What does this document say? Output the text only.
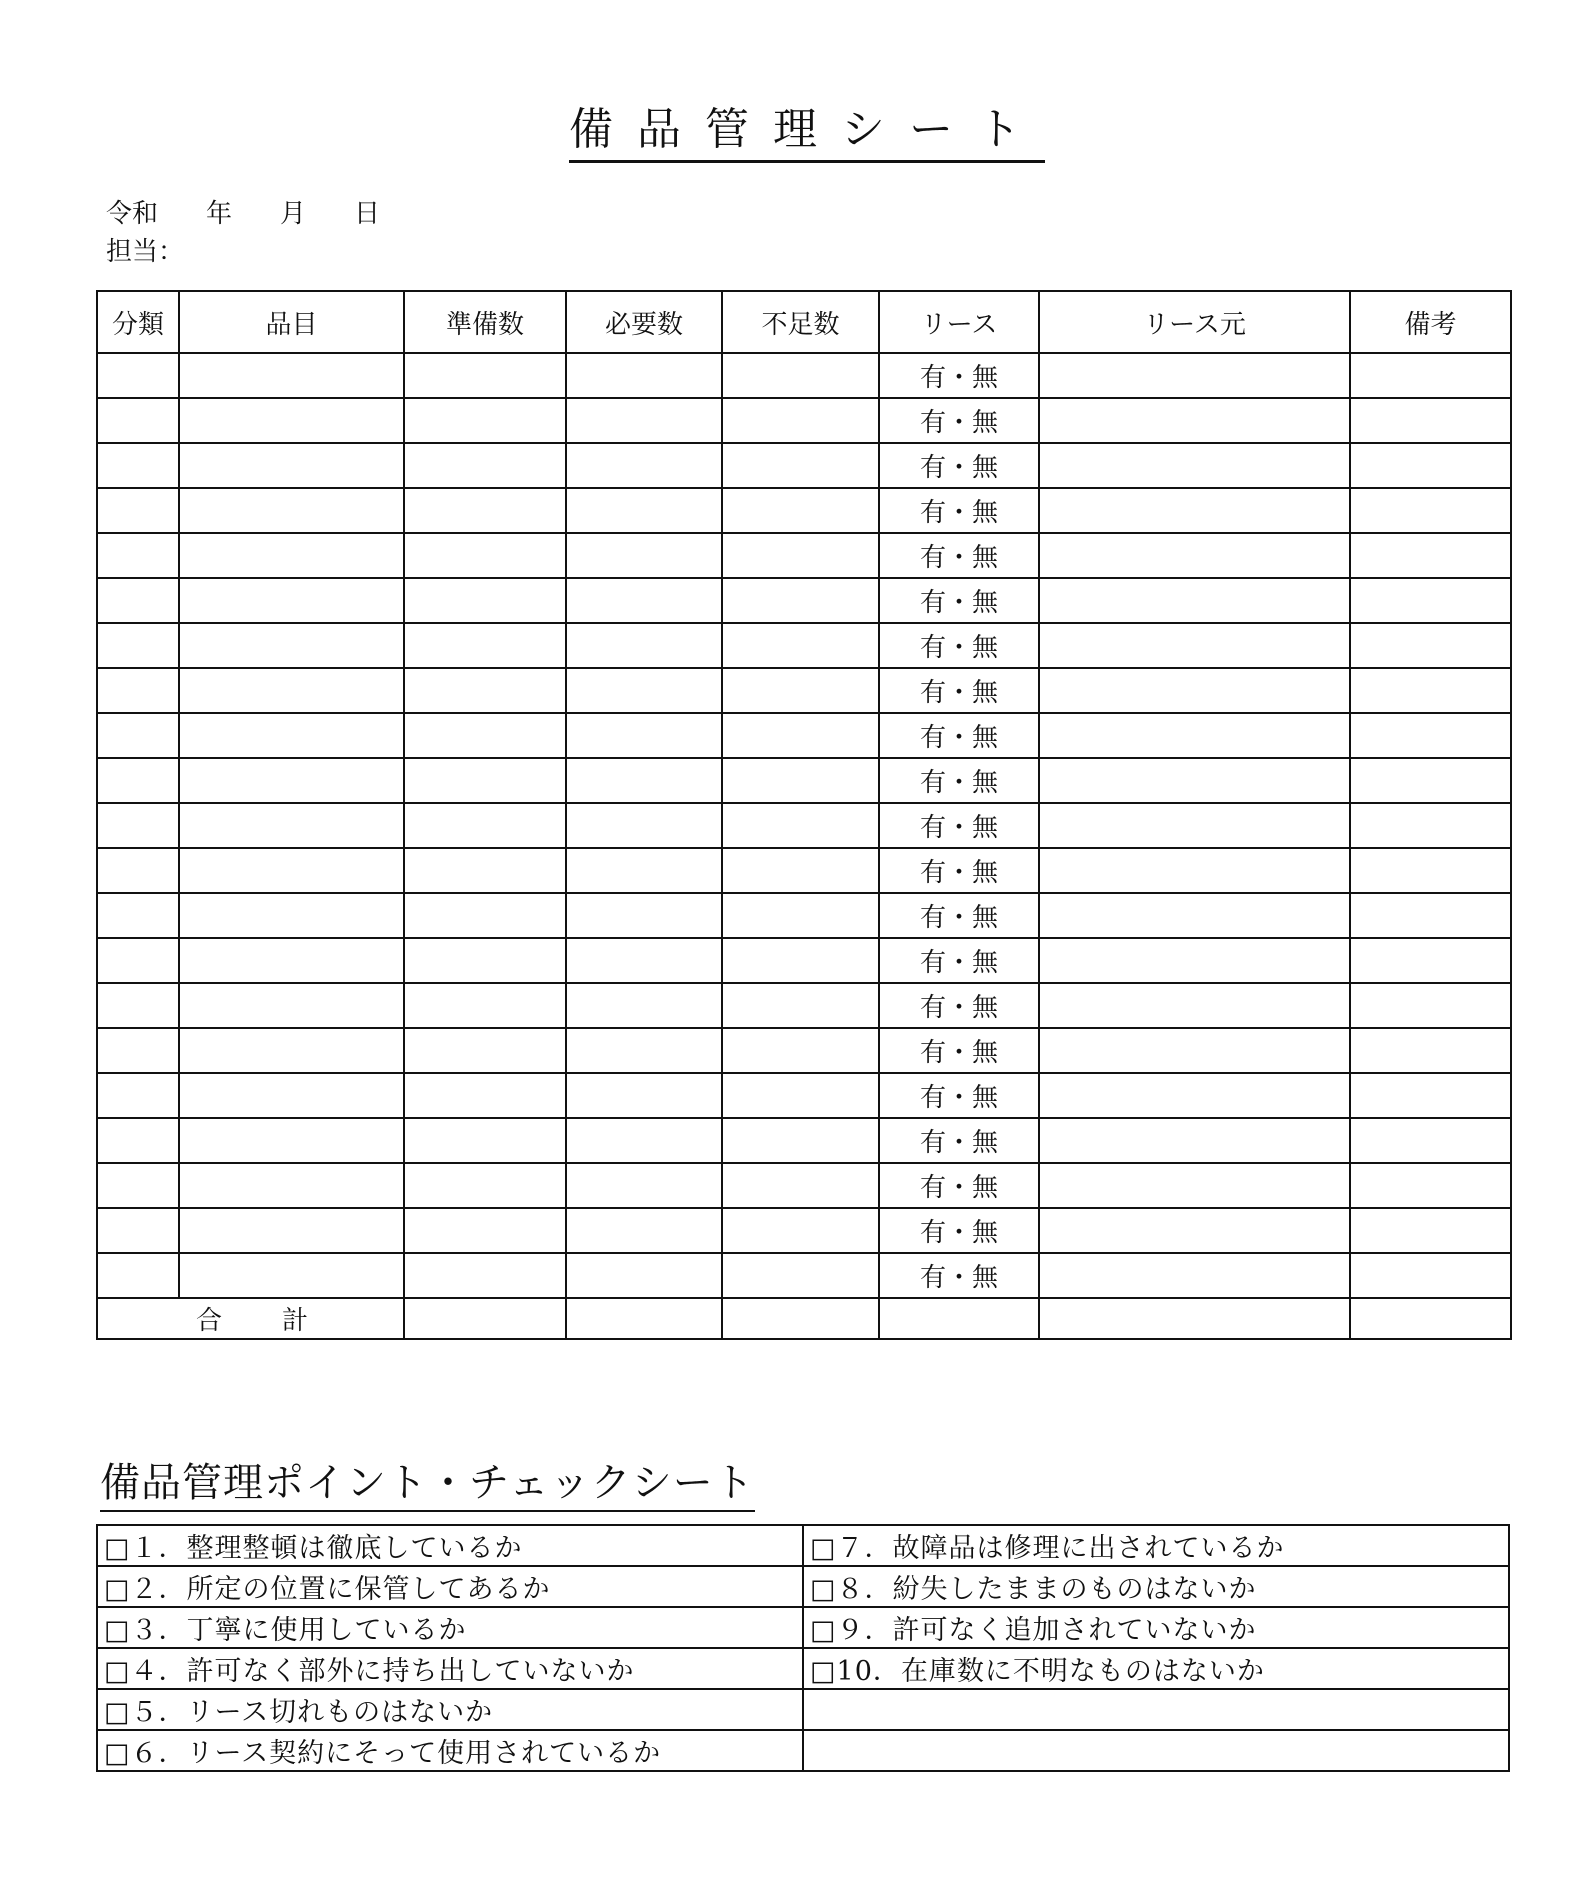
備品管理シート
令和 年 月 日
担当：
分類	品目	準備数	必要数	不足数	リース	リース元	備考
					有・無		
					有・無		
					有・無		
					有・無		
					有・無		
					有・無		
					有・無		
					有・無		
					有・無		
					有・無		
					有・無		
					有・無		
					有・無		
					有・無		
					有・無		
					有・無		
					有・無		
					有・無		
					有・無		
					有・無		
					有・無		
合計							
備品管理ポイント・チェックシート
□１．整理整頓は徹底しているか	□７．故障品は修理に出されているか
□２．所定の位置に保管してあるか	□８．紛失したままのものはないか
□３．丁寧に使用しているか	□９．許可なく追加されていないか
□４．許可なく部外に持ち出していないか	□10．在庫数に不明なものはないか
□５．リース切れものはないか	
□６．リース契約にそって使用されているか	
